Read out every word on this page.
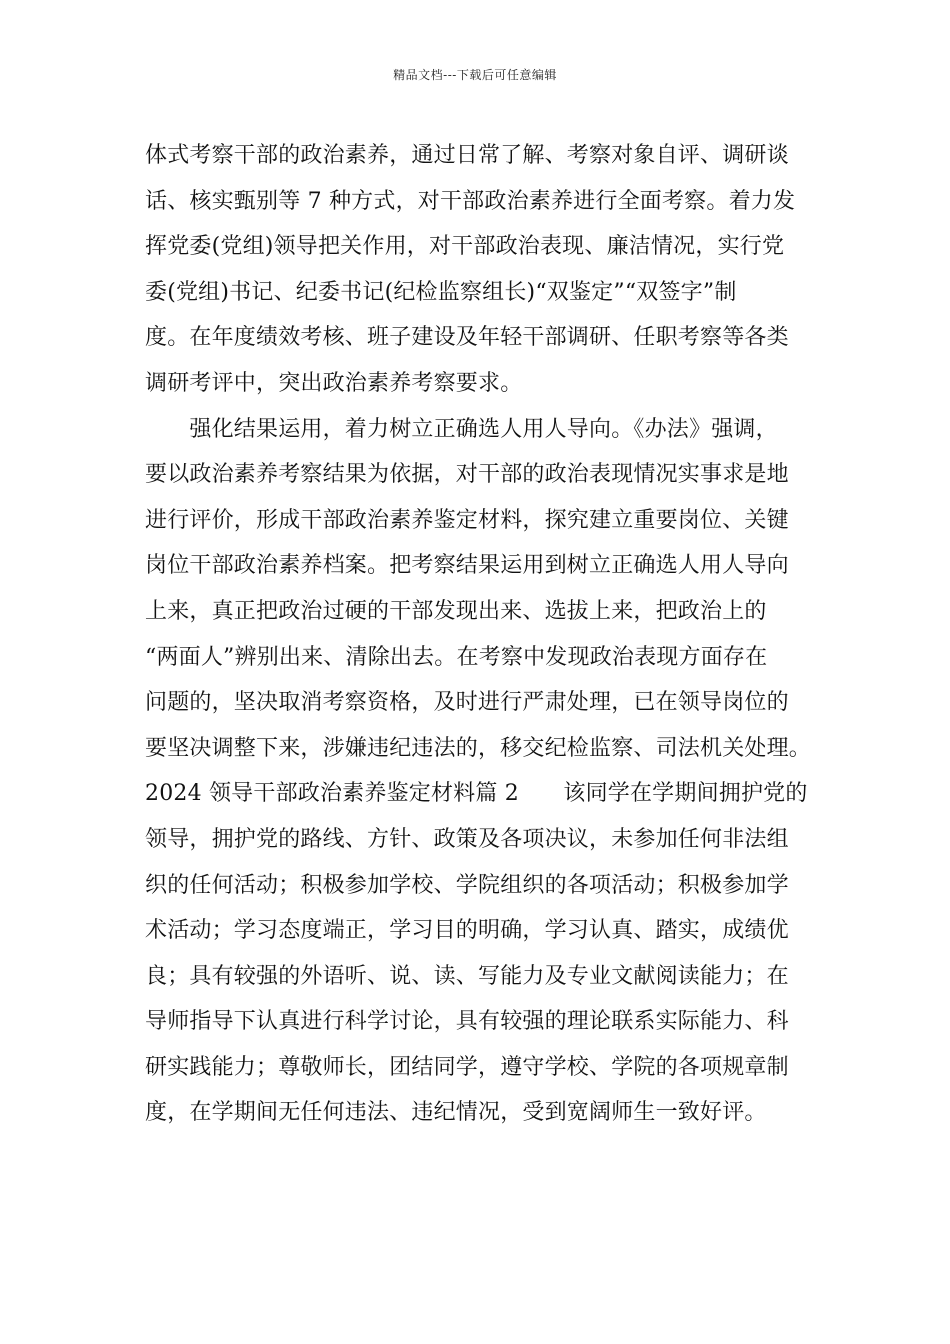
精品文档---下载后可任意编辑
体式考察干部的政治素养，通过日常了解、考察对象自评、调研谈
话、核实甄别等 7 种方式，对干部政治素养进行全面考察。着力发
挥党委(党组)领导把关作用，对干部政治表现、廉洁情况，实行党
委(党组)书记、纪委书记(纪检监察组长)“双鉴定”“双签字”制
度。在年度绩效考核、班子建设及年轻干部调研、任职考察等各类
调研考评中，突出政治素养考察要求。
　　强化结果运用，着力树立正确选人用人导向。《办法》强调，
要以政治素养考察结果为依据，对干部的政治表现情况实事求是地
进行评价，形成干部政治素养鉴定材料，探究建立重要岗位、关键
岗位干部政治素养档案。把考察结果运用到树立正确选人用人导向
上来，真正把政治过硬的干部发现出来、选拔上来，把政治上的
“两面人”辨别出来、清除出去。在考察中发现政治表现方面存在
问题的，坚决取消考察资格，及时进行严肃处理，已在领导岗位的
要坚决调整下来，涉嫌违纪违法的，移交纪检监察、司法机关处理。
2024 领导干部政治素养鉴定材料篇 2　　该同学在学期间拥护党的
领导，拥护党的路线、方针、政策及各项决议，未参加任何非法组
织的任何活动；积极参加学校、学院组织的各项活动；积极参加学
术活动；学习态度端正，学习目的明确，学习认真、踏实，成绩优
良；具有较强的外语听、说、读、写能力及专业文献阅读能力；在
导师指导下认真进行科学讨论，具有较强的理论联系实际能力、科
研实践能力；尊敬师长，团结同学，遵守学校、学院的各项规章制
度，在学期间无任何违法、违纪情况，受到宽阔师生一致好评。
